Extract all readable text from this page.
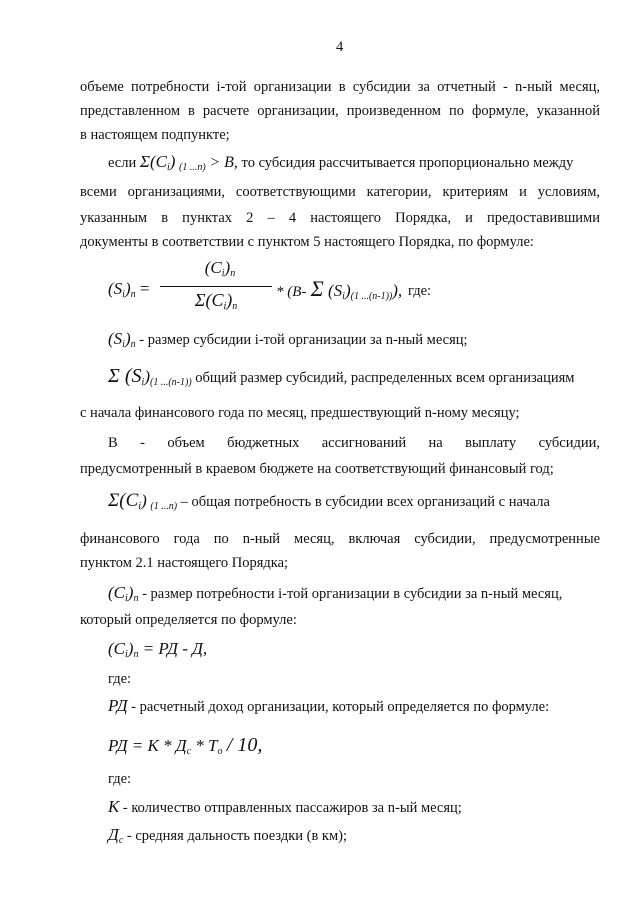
4
объеме потребности i-той организации в субсидии за отчетный - n-ный месяц,
представленном в расчете организации, произведенном по формуле, указанной
в настоящем подпункте;
если $\Sigma(C_i) _{(1 ...n)} > B$, то субсидия рассчитывается пропорционально между
всеми организациями, соответствующими категории, критериям и условиям,
указанным в пунктах 2 – 4 настоящего Порядка, и предоставившими
документы в соответствии с пунктом 5 настоящего Порядка, по формуле:
$(S_i)_n$ =
$(C_i)_n$
$\Sigma(C_i)_n$
* (B- Σ $(S_i)_{(1 ...(n-1))}$), где:
$(S_i)_n$ - размер субсидии i-той организации за n-ный месяц;
Σ $(S_i)_{(1 ...(n-1))}$ общий размер субсидий, распределенных всем организациям
с начала финансового года по месяц, предшествующий n-ному месяцу;
B - объем бюджетных ассигнований на выплату субсидии,
предусмотренный в краевом бюджете на соответствующий финансовый год;
$\Sigma(C_i)$ $_{(1 ...n)}$ – общая потребность в субсидии всех организаций с начала
финансового года по n-ный месяц, включая субсидии, предусмотренные
пунктом 2.1 настоящего Порядка;
$(C_i)_n$ - размер потребности i-той организации в субсидии за n-ный месяц,
который определяется по формуле:
$(C_i)_n$ = РД - Д,
где:
РД - расчетный доход организации, который определяется по формуле:
РД = К * $Д_c * Т_o / 10$,
где:
К - количество отправленных пассажиров за n-ый месяц;
$Д_c$ - средняя дальность поездки (в км);
